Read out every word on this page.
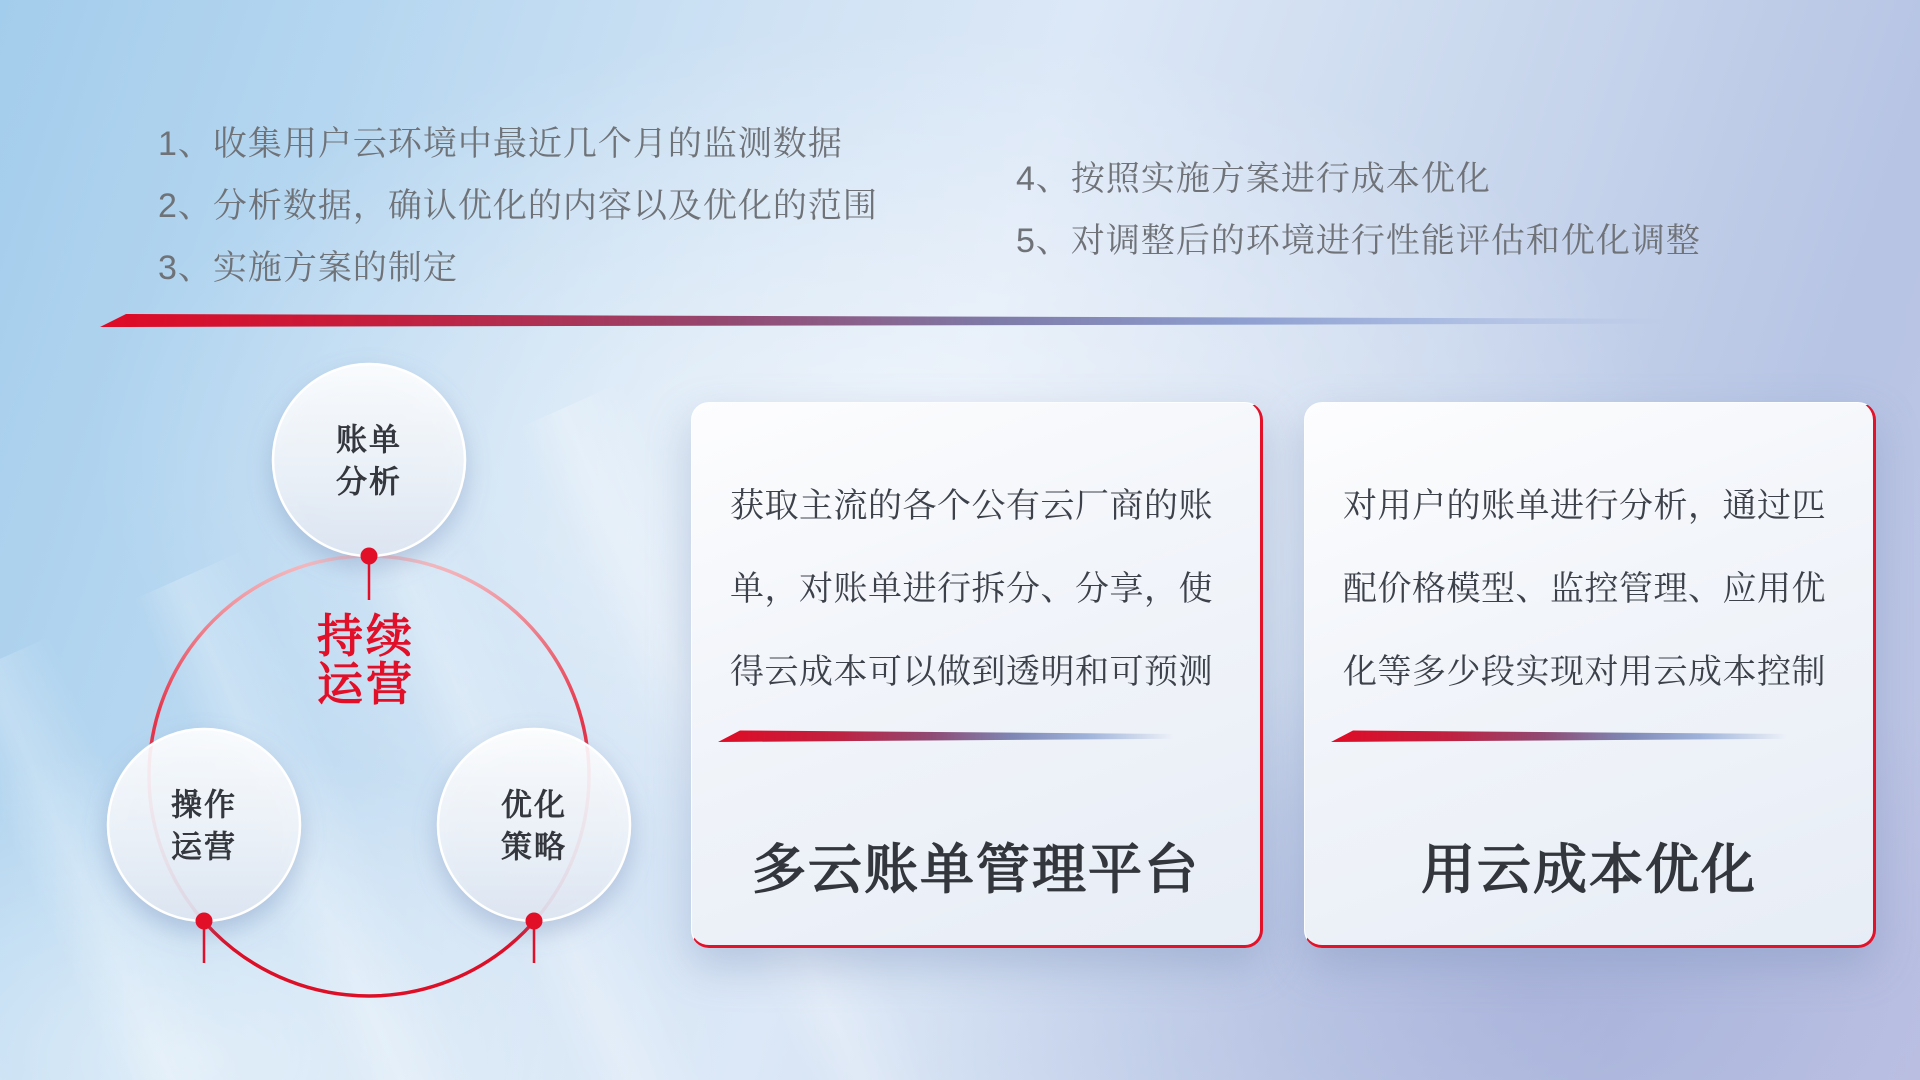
1、收集用户云环境中最近几个月的监测数据
2、分析数据，确认优化的内容以及优化的范围
3、实施方案的制定
4、按照实施方案进行成本优化
5、对调整后的环境进行性能评估和优化调整
账单
分析
操作
运营
优化
策略
持续
运营
获取主流的各个公有云厂商的账
单，对账单进行拆分、分享，使
得云成本可以做到透明和可预测
多云账单管理平台
对用户的账单进行分析，通过匹
配价格模型、监控管理、应用优
化等多少段实现对用云成本控制
用云成本优化
